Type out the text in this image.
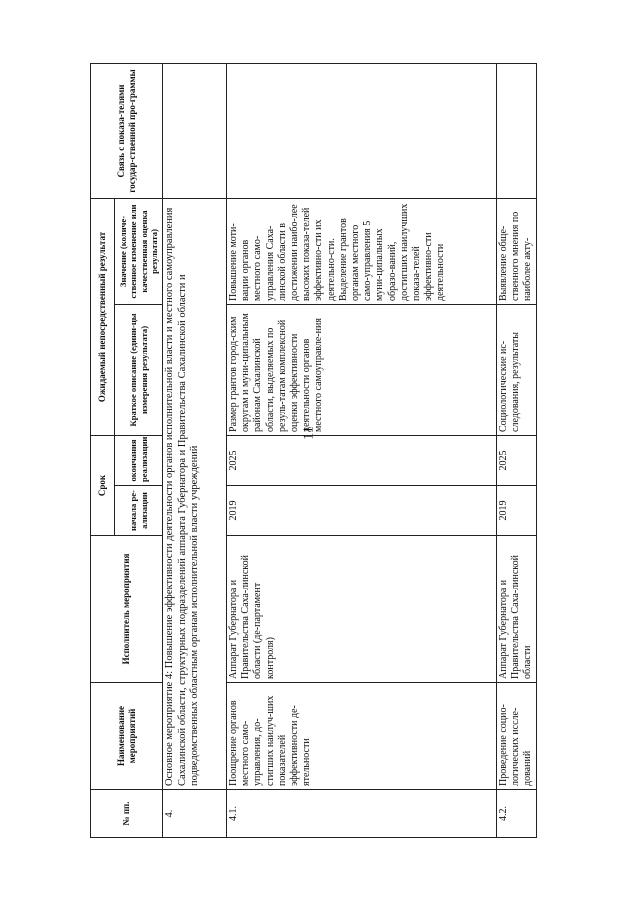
11
№ пп.	Наименование мероприятий	Исполнитель мероприятия	Срок		Ожидаемый непосредственный результат		Связь с показа-телями государ-ственной про-граммы
			начала ре-ализации	окончания реализации	Краткое описание (едини-цы измерения результата)	Значение (количе-ственное изменение или качественная оценка результата)	
4.	Основное мероприятие 4: Повышение эффективности деятельности органов исполнительной власти и местного самоуправления Сахалинской области, структурных подразделений аппарата Губернатора и Правительства Сахалинской области и подведомственных областным органам исполнительной власти учреждений						
4.1.	Поощрение органов местного само-управления, до-стигших наилуч-ших показателей эффективности де-ятельности	Аппарат Губернатора и Правительства Саха-линской области (де-партамент контроля)	2019	2025	Размер грантов город-ским округам и муни-ципальным районам Сахалинской области, выделяемых по резуль-татам комплексной оценки эффективности деятельности органов местного самоуправле-ния	Повышение моти-вации органов местного само-управления Саха-линской области в достижении наибо-лее высоких показа-телей эффективно-сти их деятельно-сти. Выделение грантов органам местного само-управления 5 муни-ципальных образо-ваний, достигших наилучших показа-телей эффективно-сти деятельности	
4.2.	Проведение социо-логических иссле-дований	Аппарат Губернатора и Правительства Саха-линской области	2019	2025	Социологические ис-следования, результаты	Выявление обще-ственного мнения по наиболее акту-	
